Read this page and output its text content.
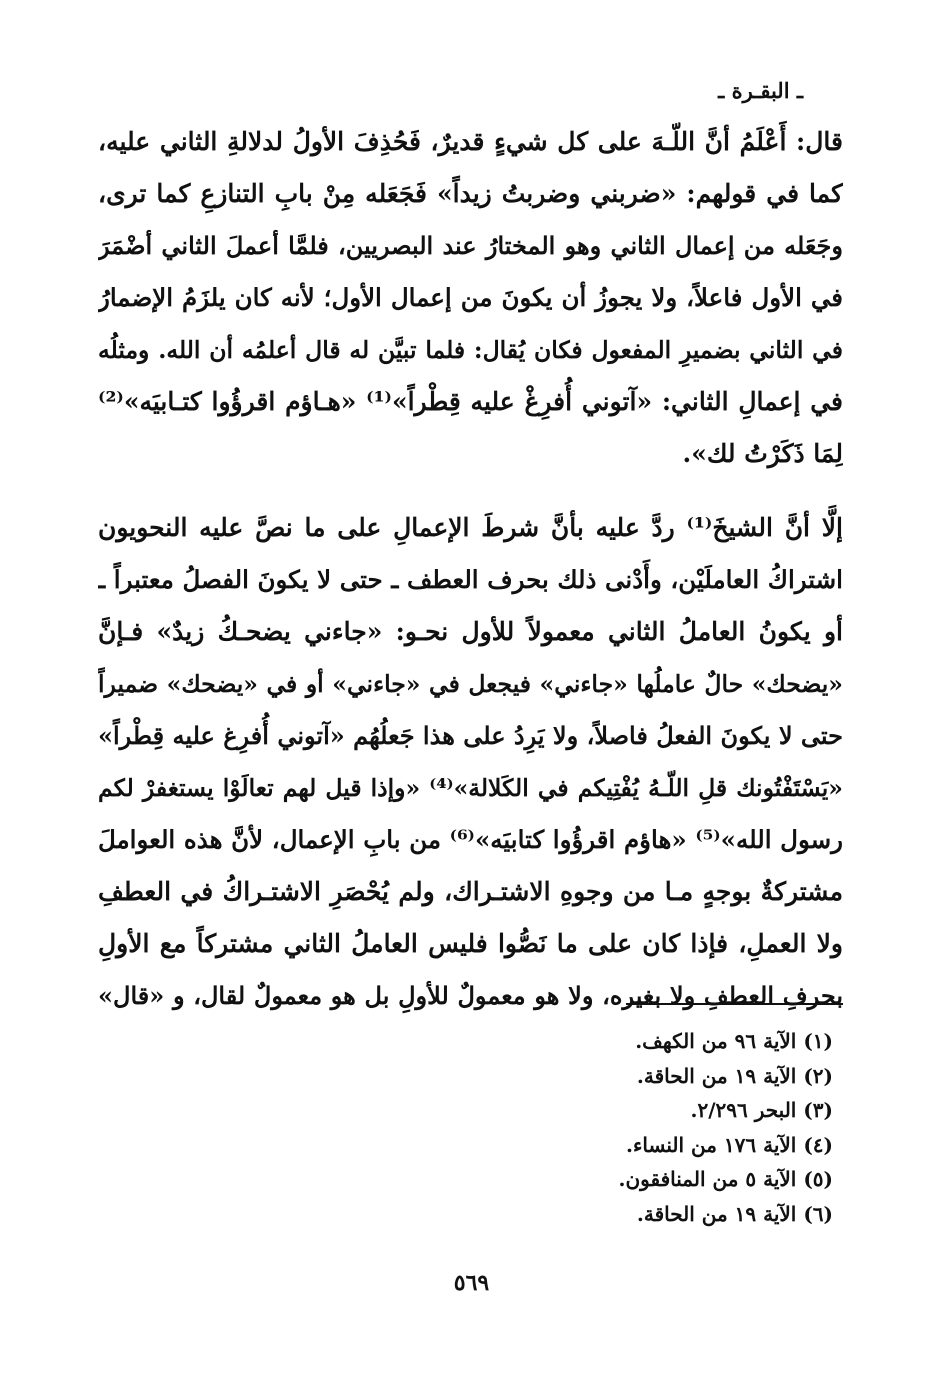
ـ البقـرة ـ
قال: أَعْلَمُ أنَّ اللّـهَ على كل شيءٍ قديرٌ، فَحُذِفَ الأولُ لدلالةِ الثاني عليه،
كما في قولهم: «ضربني وضربتُ زيداً» فَجَعَله مِنْ بابِ التنازعِ كما ترى،
وجَعَله من إعمال الثاني وهو المختارُ عند البصريين، فلمَّا أعملَ الثاني أضْمَرَ
في الأول فاعلاً، ولا يجوزُ أن يكونَ من إعمال الأول؛ لأنه كان يلزَمُ الإضمارُ
في الثاني بضميرِ المفعول فكان يُقال: فلما تبيَّن له قال أعلمُه أن الله. ومثلُه
في إعمالِ الثاني: «آتوني أُفرِغْ عليه قِطْراً»⁽¹⁾ «هـاؤم اقرؤُوا كتـابيَه»⁽²⁾
لِمَا ذَكَرْتُ لك».
إلَّا أنَّ الشيخَ⁽¹⁾ ردَّ عليه بأنَّ شرطَ الإعمالِ على ما نصَّ عليه النحويون
اشتراكُ العاملَيْن، وأَدْنى ذلك بحرف العطف ـ حتى لا يكونَ الفصلُ معتبراً ـ
أو يكونُ العاملُ الثاني معمولاً للأول نحـو: «جاءني يضحـكُ زيدٌ» فـإنَّ
«يضحك» حالٌ عاملُها «جاءني» فيجعل في «جاءني» أو في «يضحك» ضميراً
حتى لا يكونَ الفعلُ فاصلاً، ولا يَرِدُ على هذا جَعلُهُم «آتوني أُفرِغ عليه قِطْراً»
«يَسْتَفْتُونك قلِ اللّـهُ يُفْتِيكم في الكَلالة»⁽⁴⁾ «وإذا قيل لهم تعالَوْا يستغفرْ لكم
رسول الله»⁽⁵⁾ «هاؤم اقرؤُوا كتابيَه»⁽⁶⁾ من بابِ الإعمال، لأنَّ هذه العواملَ
مشتركةٌ بوجهٍ مـا من وجوهِ الاشتـراك، ولم يُحْصَرِ الاشتـراكُ في العطفِ
ولا العملِ، فإذا كان على ما نَصُّوا فليس العاملُ الثاني مشتركاً مع الأولِ
بحرفِ العطفِ ولا بغيره، ولا هو معمولٌ للأولِ بل هو معمولٌ لقال، و «قال»
(١) الآية ٩٦ من الكهف.
(٢) الآية ١٩ من الحاقة.
(٣) البحر ٢/٢٩٦.
(٤) الآية ١٧٦ من النساء.
(٥) الآية ٥ من المنافقون.
(٦) الآية ١٩ من الحاقة.
٥٦٩
